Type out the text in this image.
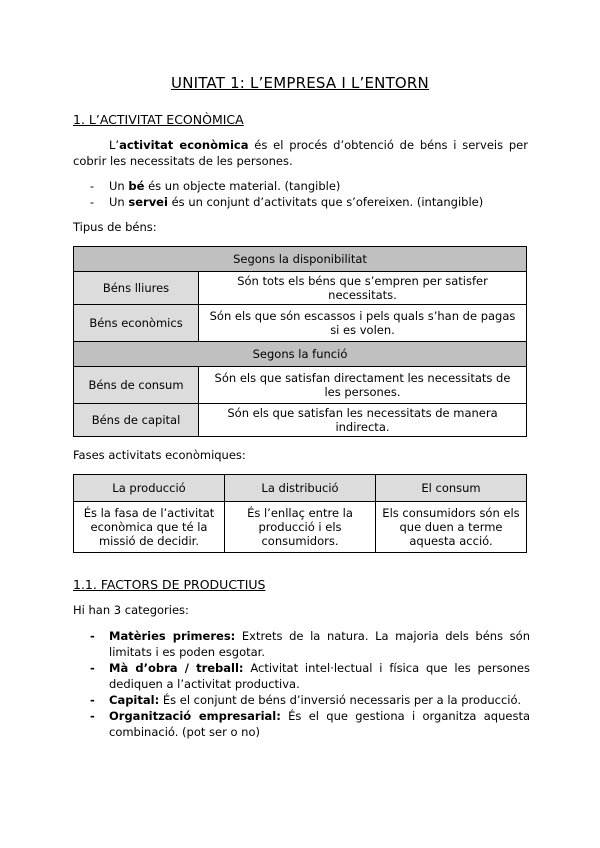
UNITAT 1: L’EMPRESA I L’ENTORN
1. L’ACTIVITAT ECONÒMICA
L’activitat econòmica és el procés d’obtenció de béns i serveis per cobrir les necessitats de les persones.
- Un bé és un objecte material. (tangible)
- Un servei és un conjunt d’activitats que s’ofereixen. (intangible)
Tipus de béns:
Segons la disponibilitat	
Béns lliures	Són tots els béns que s’empren per satisfer necessitats.
Béns econòmics	Són els que són escassos i pels quals s’han de pagas si es volen.
Segons la funció	
Béns de consum	Són els que satisfan directament les necessitats de les persones.
Béns de capital	Són els que satisfan les necessitats de manera indirecta.
Fases activitats econòmiques:
La producció	La distribució	El consum
És la fasa de l’activitat econòmica que té la missió de decidir.	És l’enllaç entre la producció i els consumidors.	Els consumidors són els que duen a terme aquesta acció.
1.1. FACTORS DE PRODUCTIUS
Hi han 3 categories:
- Matèries primeres: Extrets de la natura. La majoria dels béns són limitats i es poden esgotar.
- Mà d’obra / treball: Activitat intel·lectual i física que les persones dediquen a l’activitat productiva.
- Capital: És el conjunt de béns d’inversió necessaris per a la producció.
- Organització empresarial: És el que gestiona i organitza aquesta combinació. (pot ser o no)
